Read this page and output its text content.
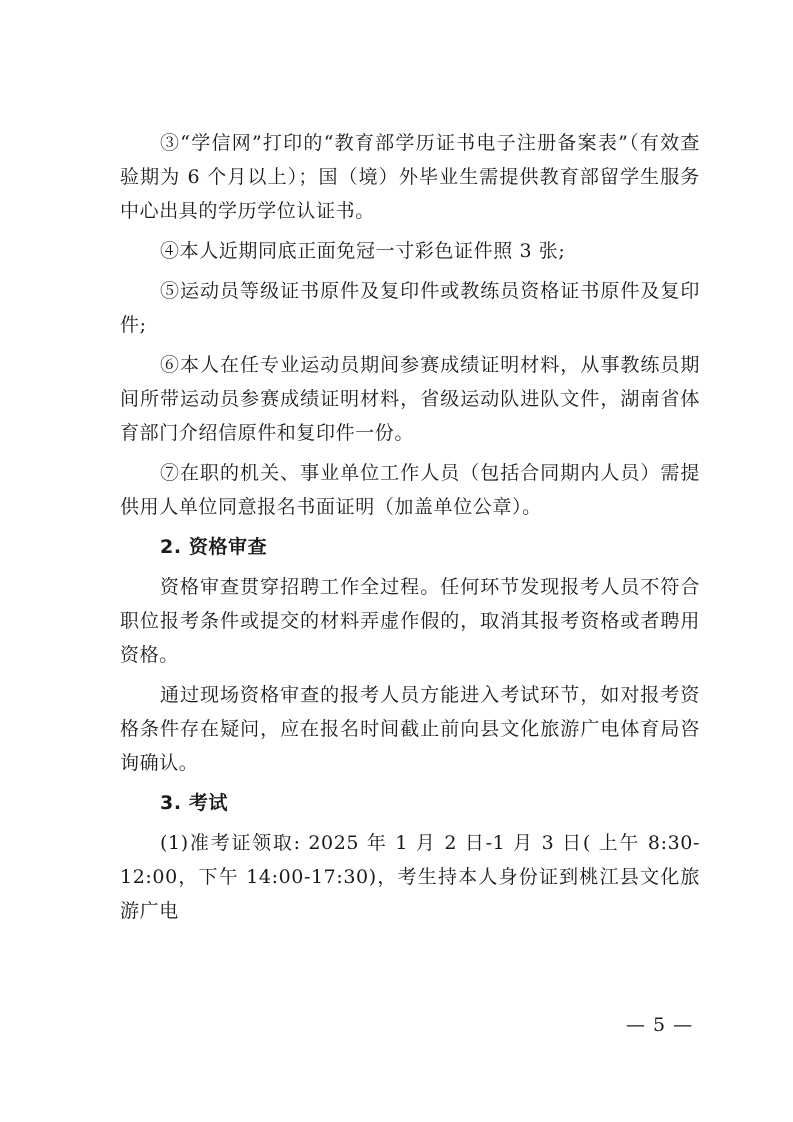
③“学信网”打印的“教育部学历证书电子注册备案表”（有效查验期为 6 个月以上）；国（境）外毕业生需提供教育部留学生服务中心出具的学历学位认证书。

④本人近期同底正面免冠一寸彩色证件照 3 张;

⑤运动员等级证书原件及复印件或教练员资格证书原件及复印件;

⑥本人在任专业运动员期间参赛成绩证明材料，从事教练员期间所带运动员参赛成绩证明材料，省级运动队进队文件，湖南省体育部门介绍信原件和复印件一份。

⑦在职的机关、事业单位工作人员（包括合同期内人员）需提供用人单位同意报名书面证明（加盖单位公章）。

2. 资格审查

资格审查贯穿招聘工作全过程。任何环节发现报考人员不符合职位报考条件或提交的材料弄虚作假的，取消其报考资格或者聘用资格。

通过现场资格审查的报考人员方能进入考试环节，如对报考资格条件存在疑问，应在报名时间截止前向县文化旅游广电体育局咨询确认。

3. 考试

(1)准考证领取: 2025 年 1 月 2 日-1 月 3 日( 上午 8:30-12:00，下午 14:00-17:30)，考生持本人身份证到桃江县文化旅游广电

— 5 —
